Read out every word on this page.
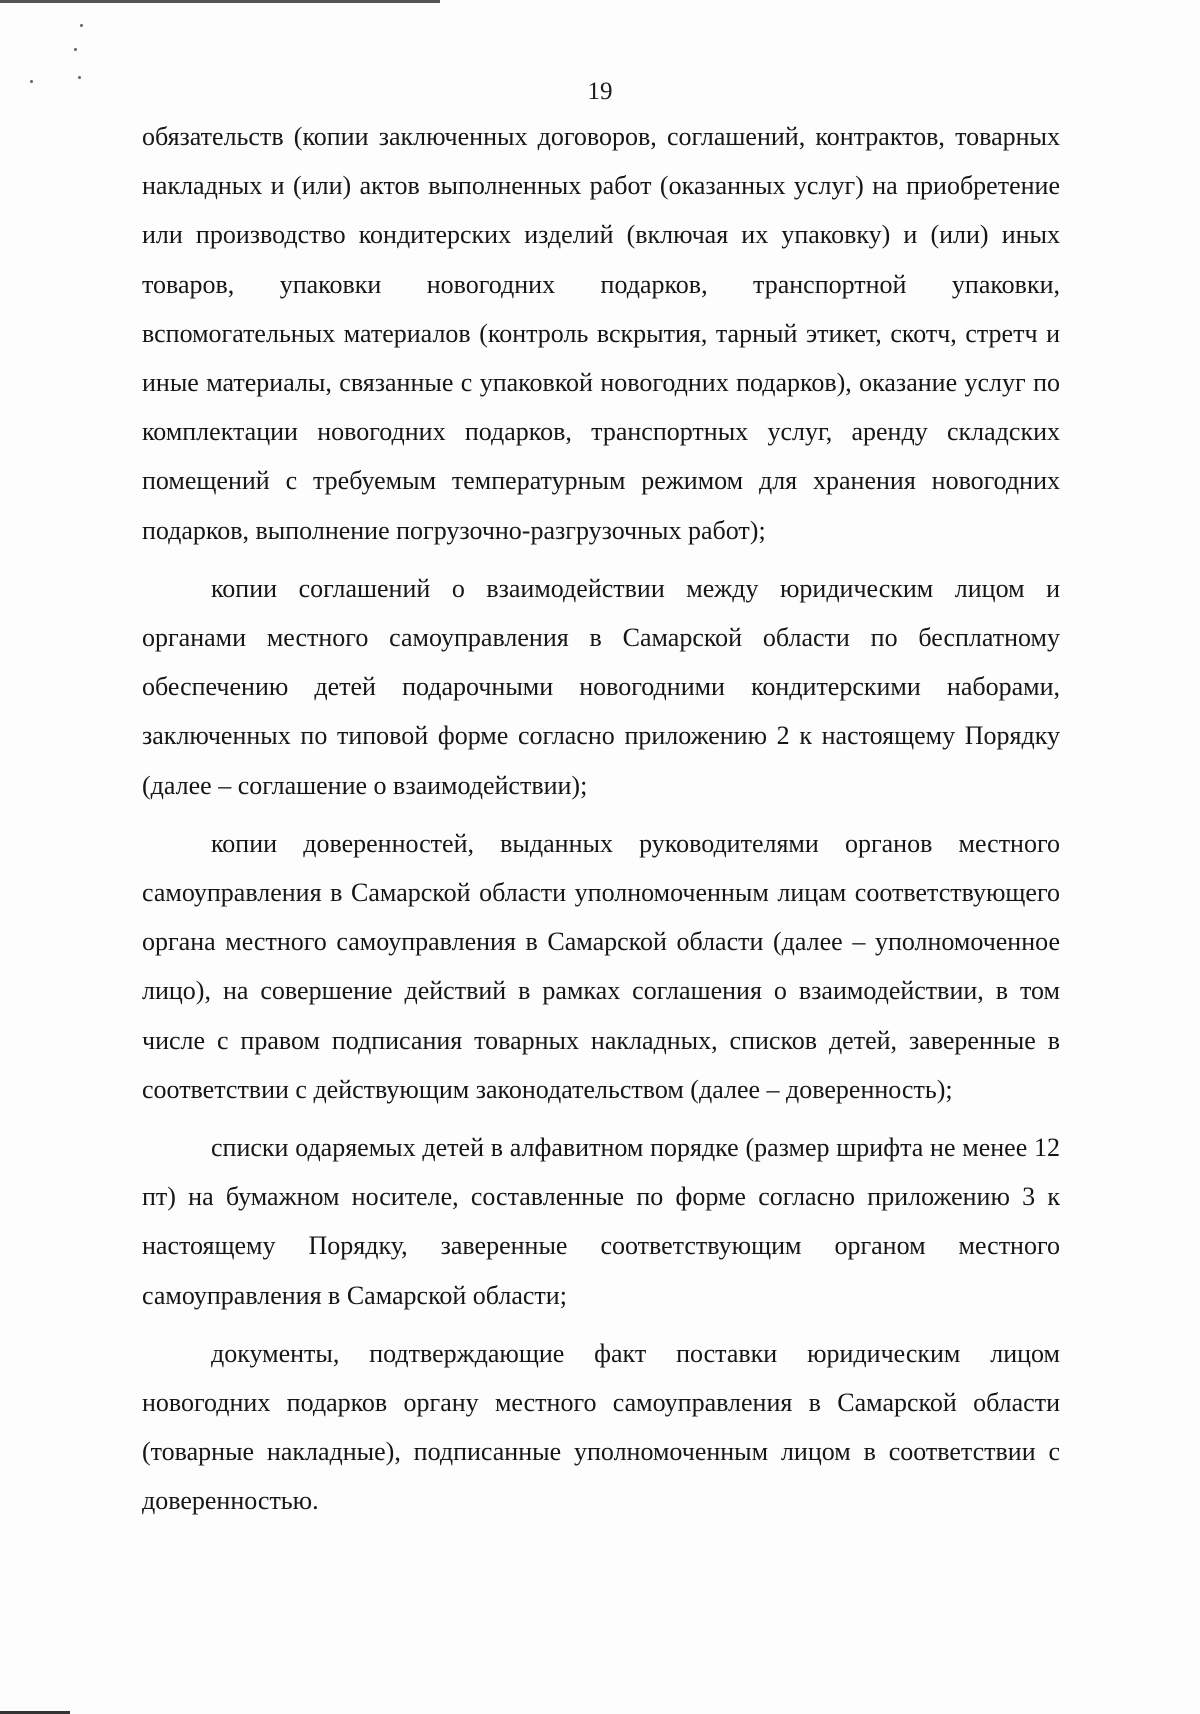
19

обязательств (копии заключенных договоров, соглашений, контрактов, товарных накладных и (или) актов выполненных работ (оказанных услуг) на приобретение или производство кондитерских изделий (включая их упаковку) и (или) иных товаров, упаковки новогодних подарков, транспортной упаковки, вспомогательных материалов (контроль вскрытия, тарный этикет, скотч, стретч и иные материалы, связанные с упаковкой новогодних подарков), оказание услуг по комплектации новогодних подарков, транспортных услуг, аренду складских помещений с требуемым температурным режимом для хранения новогодних подарков, выполнение погрузочно-разгрузочных работ);

копии соглашений о взаимодействии между юридическим лицом и органами местного самоуправления в Самарской области по бесплатному обеспечению детей подарочными новогодними кондитерскими наборами, заключенных по типовой форме согласно приложению 2 к настоящему Порядку (далее – соглашение о взаимодействии);

копии доверенностей, выданных руководителями органов местного самоуправления в Самарской области уполномоченным лицам соответствующего органа местного самоуправления в Самарской области (далее – уполномоченное лицо), на совершение действий в рамках соглашения о взаимодействии, в том числе с правом подписания товарных накладных, списков детей, заверенные в соответствии с действующим законодательством (далее – доверенность);

списки одаряемых детей в алфавитном порядке (размер шрифта не менее 12 пт) на бумажном носителе, составленные по форме согласно приложению 3 к настоящему Порядку, заверенные соответствующим органом местного самоуправления в Самарской области;

документы, подтверждающие факт поставки юридическим лицом новогодних подарков органу местного самоуправления в Самарской области (товарные накладные), подписанные уполномоченным лицом в соответствии с доверенностью.
